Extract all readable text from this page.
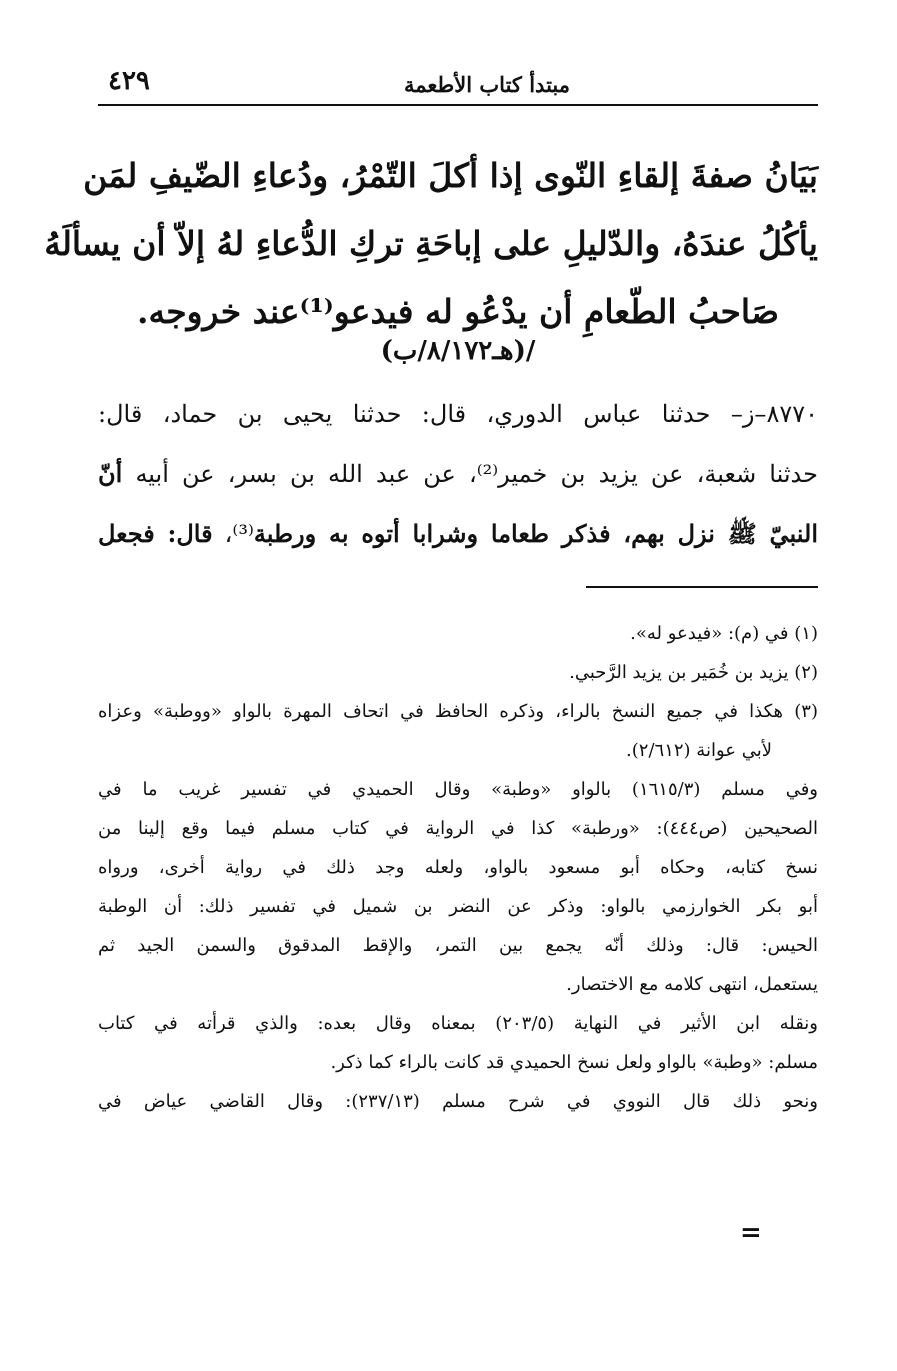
مبتدأ كتاب الأطعمة
٤٢٩
بَيَانُ صفةَ إلقاءِ النّوى إذا أكلَ التّمْرُ، ودُعاءِ الضّيفِ لمَن
يأكُلُ عندَهُ، والدّليلِ على إباحَةِ تركِ الدُّعاءِ لهُ إلاّ أن يسألَهُ
صَاحبُ الطّعامِ أن يدْعُو له فيدعو⁽¹⁾عند خروجه.
/(هـ٨/١٧٢/ب)
٨٧٧٠–ز– حدثنا عباس الدوري، قال: حدثنا يحيى بن حماد، قال:
حدثنا شعبة، عن يزيد بن خمير⁽²⁾، عن عبد الله بن بسر، عن أبيه أنّ
النبيّ ﷺ نزل بهم، فذكر طعاما وشرابا أتوه به ورطبة⁽³⁾، قال: فجعل
(١) في (م): «فيدعو له».
(٢) يزيد بن خُمَير بن يزيد الرَّحبي.
(٣) هكذا في جميع النسخ بالراء، وذكره الحافظ في اتحاف المهرة بالواو «ووطبة» وعزاه
لأبي عوانة (٢/٦١٢).
وفي مسلم (١٦١٥/٣) بالواو «وطبة» وقال الحميدي في تفسير غريب ما في
الصحيحين (ص٤٤٤): «ورطبة» كذا في الرواية في كتاب مسلم فيما وقع إلينا من
نسخ كتابه، وحكاه أبو مسعود بالواو، ولعله وجد ذلك في رواية أخرى، ورواه
أبو بكر الخوارزمي بالواو: وذكر عن النضر بن شميل في تفسير ذلك: أن الوطبة
الحيس: قال: وذلك أنّه يجمع بين التمر، والإقط المدقوق والسمن الجيد ثم
يستعمل، انتهى كلامه مع الاختصار.
ونقله ابن الأثير في النهاية (٢٠٣/٥) بمعناه وقال بعده: والذي قرأته في كتاب
مسلم: «وطبة» بالواو ولعل نسخ الحميدي قد كانت بالراء كما ذكر.
ونحو ذلك قال النووي في شرح مسلم (٢٣٧/١٣): وقال القاضي عياض في
=
